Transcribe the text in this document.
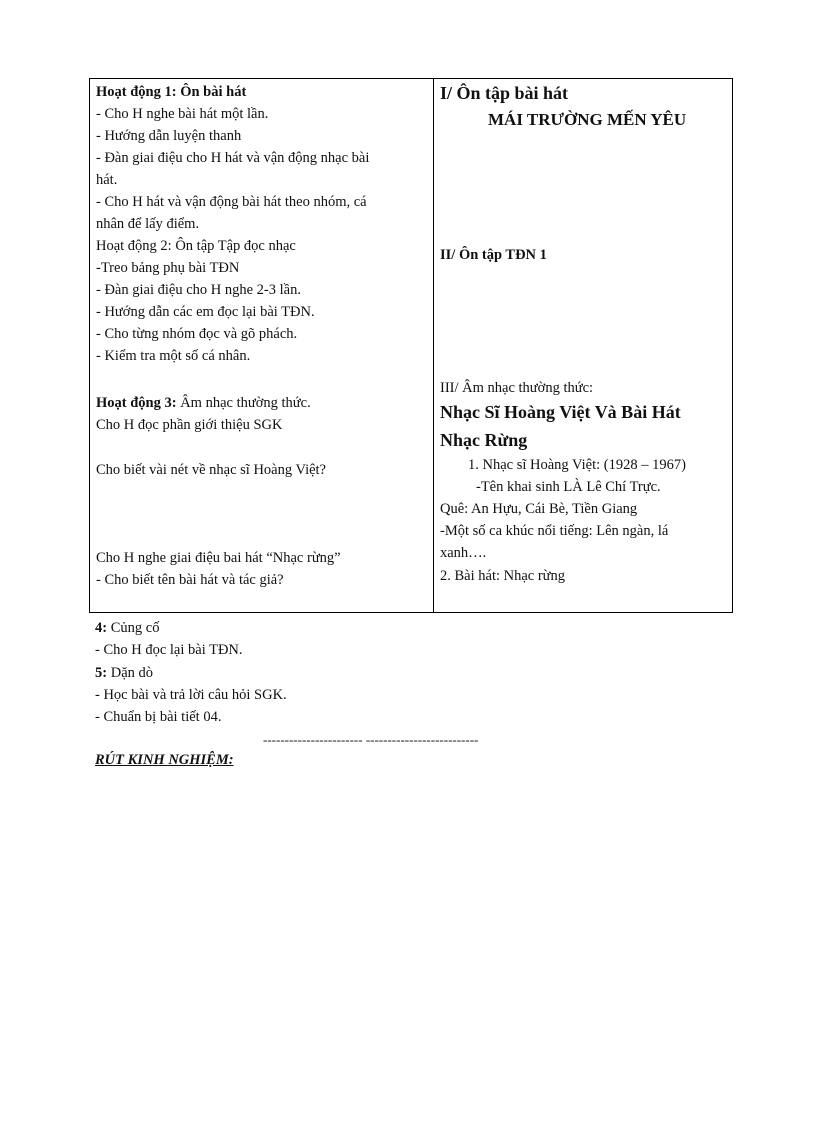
Hoạt động 1: Ôn bài hát
- Cho H nghe bài hát một lần.
- Hướng dẫn luyện thanh
- Đàn giai điệu cho H hát và vận động nhạc bài
hát.
- Cho H hát và vận động bài hát theo nhóm, cá
nhân để lấy điểm.
Hoạt động 2: Ôn tập Tập đọc nhạc
-Treo bảng phụ bài TĐN
- Đàn giai điệu cho H nghe 2-3 lần.
- Hướng dẫn các em đọc lại bài TĐN.
- Cho từng nhóm đọc và gõ phách.
- Kiểm tra một số cá nhân.
Hoạt động 3: Âm nhạc thường thức.
Cho H đọc phần giới thiệu SGK
Cho biết vài nét về nhạc sĩ Hoàng Việt?
Cho H nghe giai điệu bai hát “Nhạc rừng”
- Cho biết tên bài hát và tác giả?
I/ Ôn tập bài hát
MÁI TRƯỜNG MẾN YÊU
II/ Ôn tập TĐN 1
III/ Âm nhạc thường thức:
Nhạc Sĩ Hoàng Việt Và Bài Hát
Nhạc Rừng
1. Nhạc sĩ Hoàng Việt: (1928 – 1967)
-Tên khai sinh LÀ Lê Chí Trực.
Quê: An Hựu, Cái Bè, Tiền Giang
-Một số ca khúc nổi tiếng: Lên ngàn, lá
xanh….
2. Bài hát: Nhạc rừng
4: Củng cố
- Cho H đọc lại bài TĐN.
5: Dặn dò
- Học bài và trả lời câu hỏi SGK.
- Chuẩn bị bài tiết 04.
----------------------- --------------------------
RÚT KINH NGHIỆM:
